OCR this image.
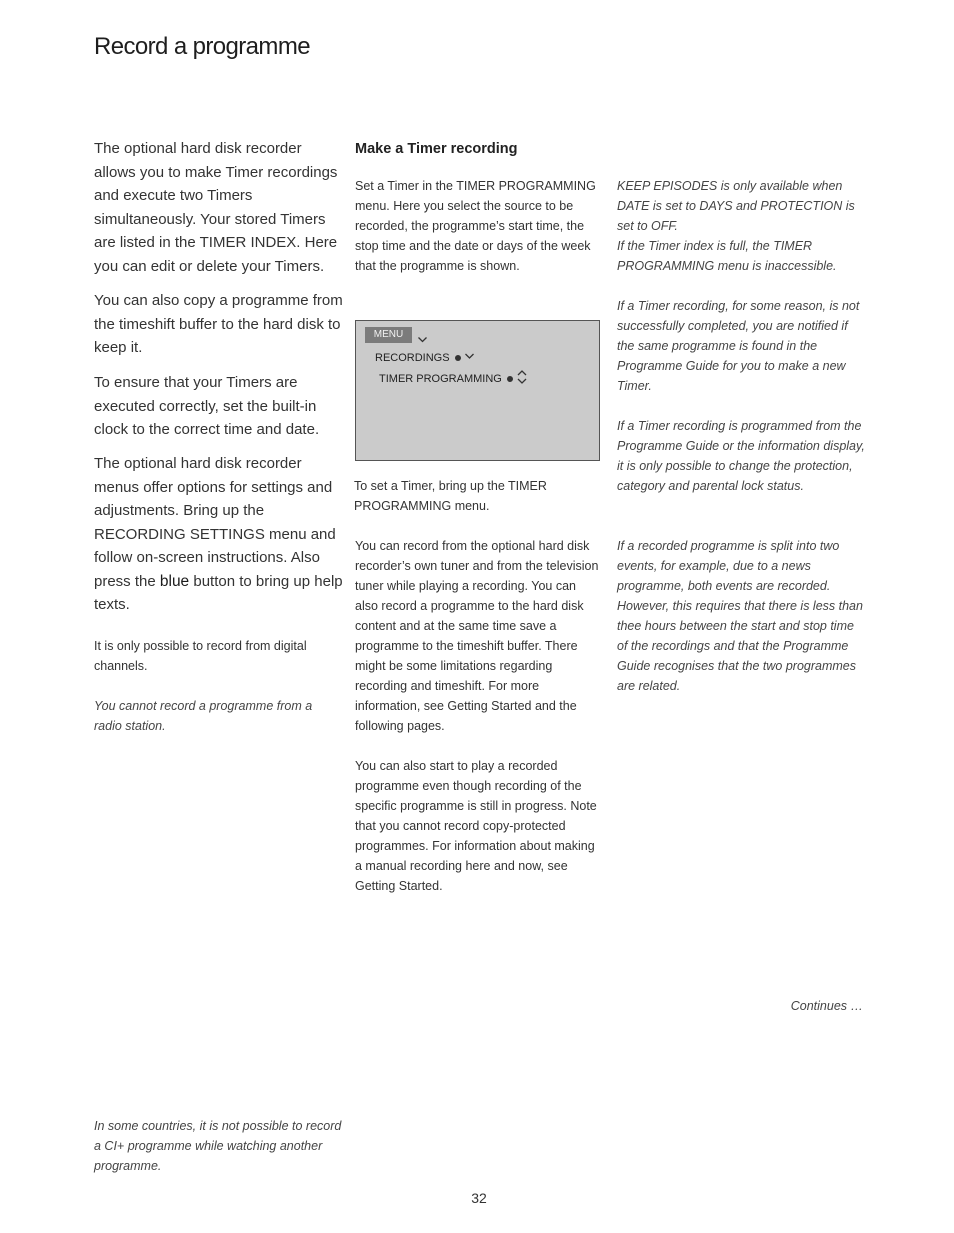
Record a programme

The optional hard disk recorder allows you to make Timer recordings and execute two Timers simultaneously. Your stored Timers are listed in the TIMER INDEX. Here you can edit or delete your Timers.

You can also copy a programme from the timeshift buffer to the hard disk to keep it.

To ensure that your Timers are executed correctly, set the built-in clock to the correct time and date.

The optional hard disk recorder menus offer options for settings and adjustments. Bring up the RECORDING SETTINGS menu and follow on-screen instructions. Also press the blue button to bring up help texts.

It is only possible to record from digital channels.

You cannot record a programme from a radio station.

In some countries, it is not possible to record a CI+ programme while watching another programme.

Make a Timer recording

Set a Timer in the TIMER PROGRAMMING menu. Here you select the source to be recorded, the programme’s start time, the stop time and the date or days of the week that the programme is shown.

MENU
RECORDINGS
TIMER PROGRAMMING

To set a Timer, bring up the TIMER PROGRAMMING menu.

You can record from the optional hard disk recorder’s own tuner and from the television tuner while playing a recording. You can also record a programme to the hard disk content and at the same time save a programme to the timeshift buffer. There might be some limitations regarding recording and timeshift. For more information, see Getting Started and the following pages.

You can also start to play a recorded programme even though recording of the specific programme is still in progress. Note that you cannot record copy-protected programmes. For information about making a manual recording here and now, see Getting Started.

KEEP EPISODES is only available when DATE is set to DAYS and PROTECTION is set to OFF.

If the Timer index is full, the TIMER PROGRAMMING menu is inaccessible.

If a Timer recording, for some reason, is not successfully completed, you are notified if the same programme is found in the Programme Guide for you to make a new Timer.

If a Timer recording is programmed from the Programme Guide or the information display, it is only possible to change the protection, category and parental lock status.

If a recorded programme is split into two events, for example, due to a news programme, both events are recorded. However, this requires that there is less than thee hours between the start and stop time of the recordings and that the Programme Guide recognises that the two programmes are related.

Continues …

32
